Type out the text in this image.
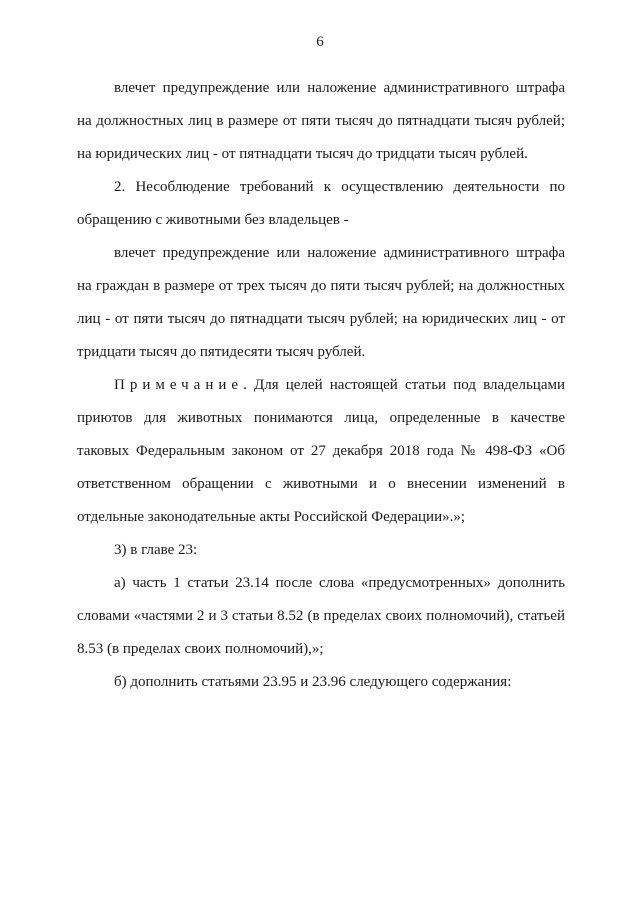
6

влечет предупреждение или наложение административного штрафа на должностных лиц в размере от пяти тысяч до пятнадцати тысяч рублей; на юридических лиц - от пятнадцати тысяч до тридцати тысяч рублей.

2. Несоблюдение требований к осуществлению деятельности по обращению с животными без владельцев -

влечет предупреждение или наложение административного штрафа на граждан в размере от трех тысяч до пяти тысяч рублей; на должностных лиц - от пяти тысяч до пятнадцати тысяч рублей; на юридических лиц - от тридцати тысяч до пятидесяти тысяч рублей.

Примечание. Для целей настоящей статьи под владельцами приютов для животных понимаются лица, определенные в качестве таковых Федеральным законом от 27 декабря 2018 года № 498-ФЗ «Об ответственном обращении с животными и о внесении изменений в отдельные законодательные акты Российской Федерации».»;

3) в главе 23:

а) часть 1 статьи 23.14 после слова «предусмотренных» дополнить словами «частями 2 и 3 статьи 8.52 (в пределах своих полномочий), статьей 8.53 (в пределах своих полномочий),»;

б) дополнить статьями 23.95 и 23.96 следующего содержания:
